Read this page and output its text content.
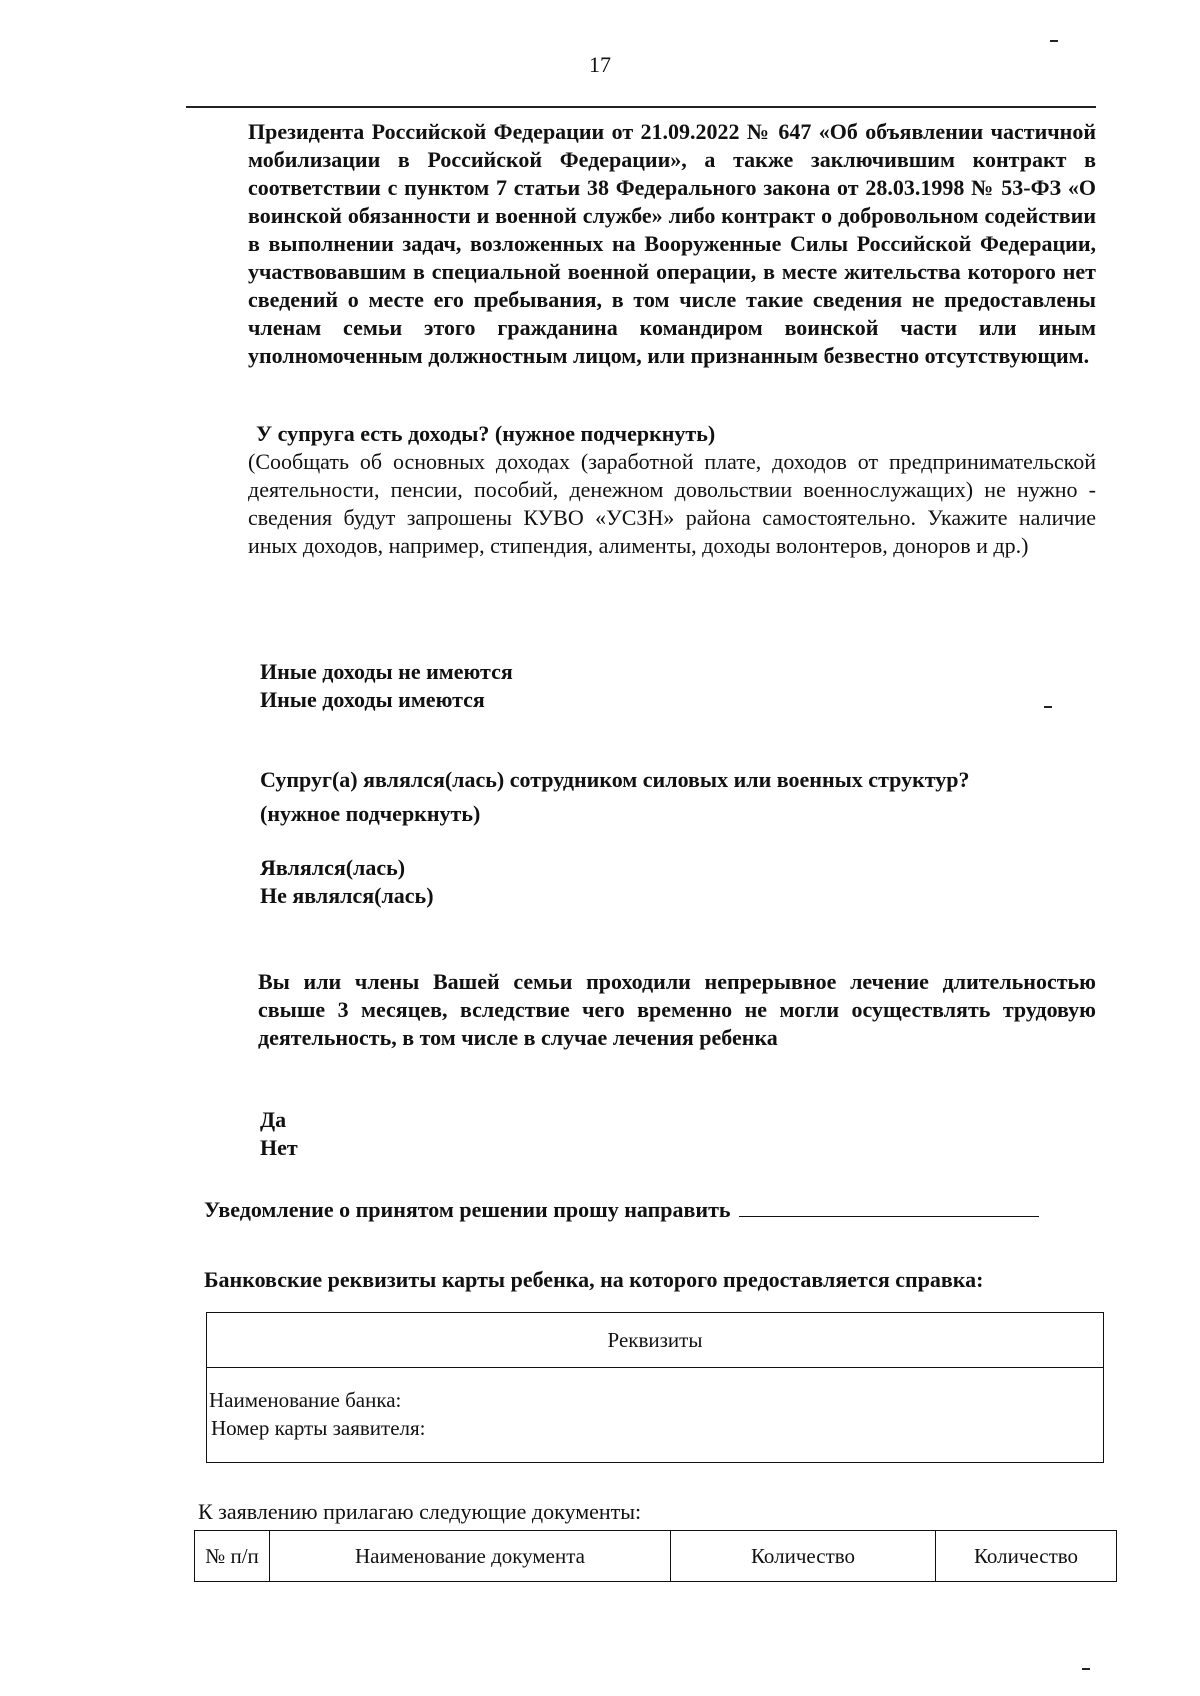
17
Президента Российской Федерации от 21.09.2022 № 647 «Об объявлении частичной мобилизации в Российской Федерации», а также заключившим контракт в соответствии с пунктом 7 статьи 38 Федерального закона от 28.03.1998 № 53-ФЗ «О воинской обязанности и военной службе» либо контракт о добровольном содействии в выполнении задач, возложенных на Вооруженные Силы Российской Федерации, участвовавшим в специальной военной операции, в месте жительства которого нет сведений о месте его пребывания, в том числе такие сведения не предоставлены членам семьи этого гражданина командиром воинской части или иным уполномоченным должностным лицом, или признанным безвестно отсутствующим.
У супруга есть доходы? (нужное подчеркнуть)
(Сообщать об основных доходах (заработной плате, доходов от предпринимательской деятельности, пенсии, пособий, денежном довольствии военнослужащих) не нужно - сведения будут запрошены КУВО «УСЗН» района самостоятельно. Укажите наличие иных доходов, например, стипендия, алименты, доходы волонтеров, доноров и др.)
Иные доходы не имеются
Иные доходы имеются
Супруг(а) являлся(лась) сотрудником силовых или военных структур?
(нужное подчеркнуть)
Являлся(лась)
Не являлся(лась)
Вы или члены Вашей семьи проходили непрерывное лечение длительностью свыше 3 месяцев, вследствие чего временно не могли осуществлять трудовую деятельность, в том числе в случае лечения ребенка
Да
Нет
Уведомление о принятом решении прошу направить
Банковские реквизиты карты ребенка, на которого предоставляется справка:
Реквизиты
Наименование банка:
Номер карты заявителя:
К заявлению прилагаю следующие документы:
№ п/п	Наименование документа	Количество	Количество
